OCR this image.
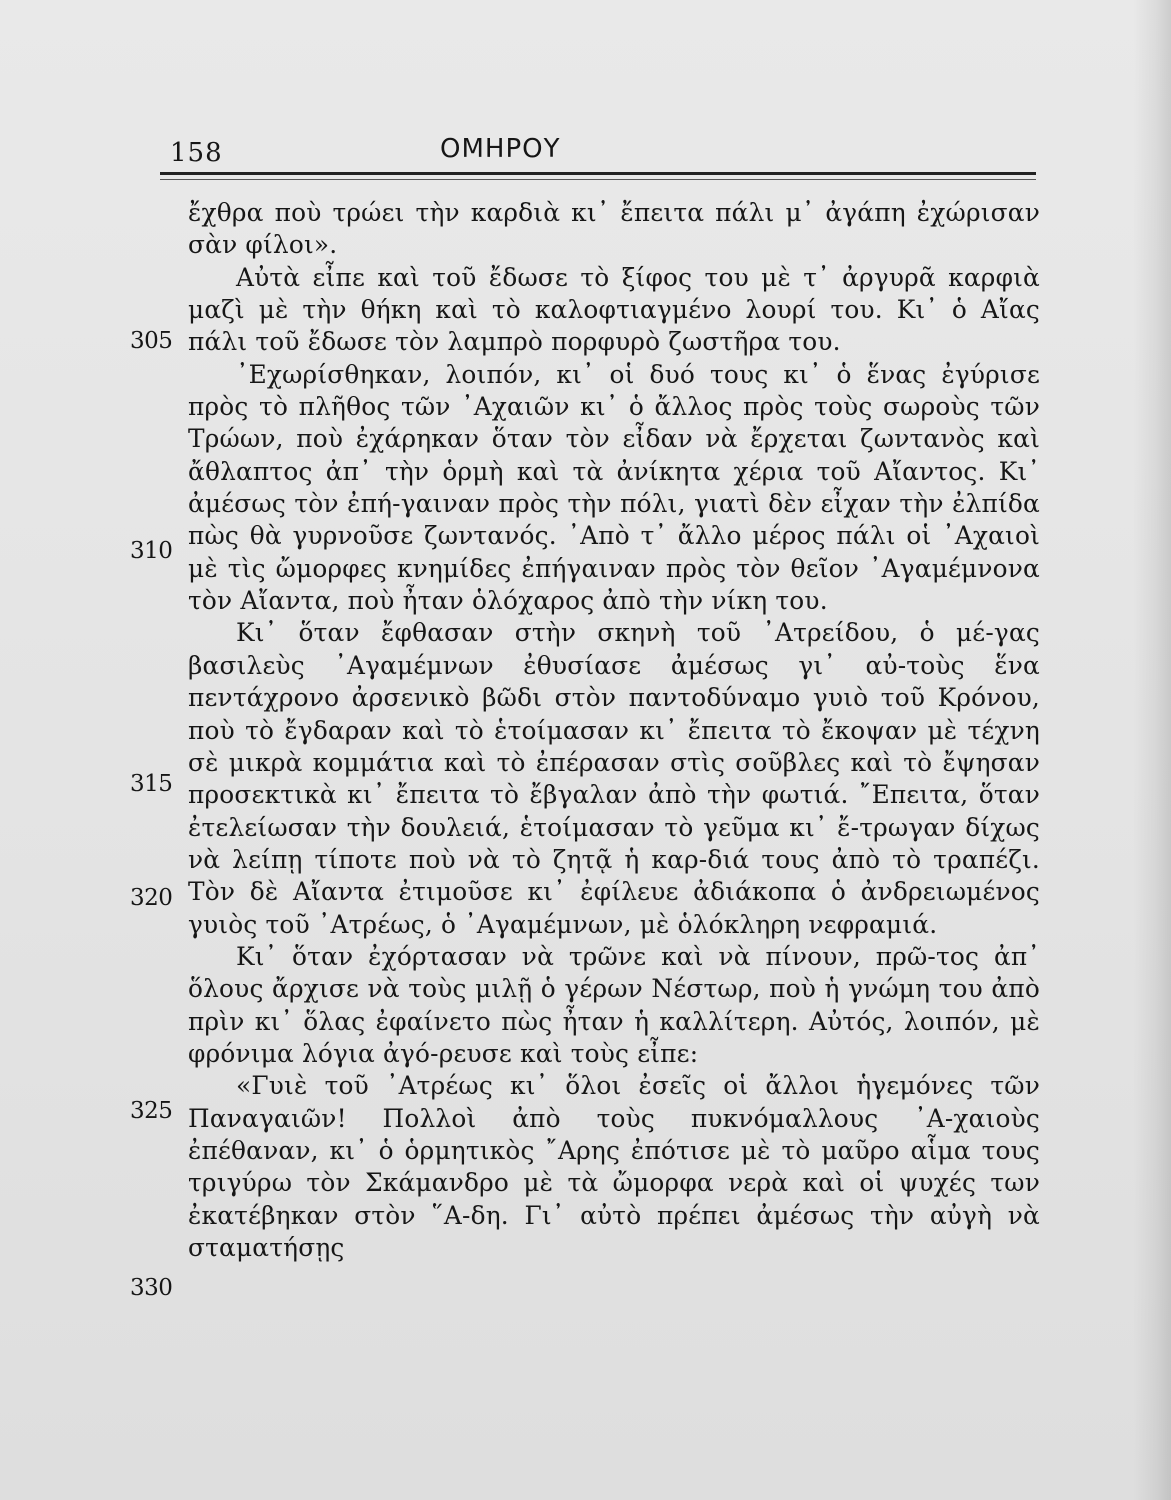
158	ΟΜΗΡΟΥ
305
310
315
320
325
330

ἔχθρα ποὺ τρώει τὴν καρδιὰ κι᾿ ἔπειτα πάλι μ᾿ ἀγάπη ἐχώρισαν σὰν φίλοι».

Αὐτὰ εἶπε καὶ τοῦ ἔδωσε τὸ ξίφος του μὲ τ᾿ ἀργυρᾶ καρφιὰ μαζὶ μὲ τὴν θήκη καὶ τὸ καλοφτιαγμένο λουρί του. Κι᾿ ὁ Αἴας πάλι τοῦ ἔδωσε τὸν λαμπρὸ πορφυρὸ ζωστῆρα του.

᾿Εχωρίσθηκαν, λοιπόν, κι᾿ οἱ δυό τους κι᾿ ὁ ἕνας ἐγύρισε πρὸς τὸ πλῆθος τῶν ᾿Αχαιῶν κι᾿ ὁ ἄλλος πρὸς τοὺς σωροὺς τῶν Τρώων, ποὺ ἐχάρηκαν ὅταν τὸν εἶδαν νὰ ἔρχεται ζωντανὸς καὶ ἄθλαπτος ἀπ᾿ τὴν ὁρμὴ καὶ τὰ ἀνίκητα χέρια τοῦ Αἴαντος. Κι᾿ ἀμέσως τὸν ἐπή-γαιναν πρὸς τὴν πόλι, γιατὶ δὲν εἶχαν τὴν ἐλπίδα πὼς θὰ γυρνοῦσε ζωντανός. ᾿Απὸ τ᾿ ἄλλο μέρος πάλι οἱ ᾿Αχαιοὶ μὲ τὶς ὤμορφες κνημίδες ἐπήγαιναν πρὸς τὸν θεῖον ᾿Αγαμέμνονα τὸν Αἴαντα, ποὺ ἦταν ὁλόχαρος ἀπὸ τὴν νίκη του.

Κι᾿ ὅταν ἔφθασαν στὴν σκηνὴ τοῦ ᾿Ατρείδου, ὁ μέ-γας βασιλεὺς ᾿Αγαμέμνων ἐθυσίασε ἀμέσως γι᾿ αὐ-τοὺς ἕνα πεντάχρονο ἀρσενικὸ βῶδι στὸν παντοδύναμο γυιὸ τοῦ Κρόνου, ποὺ τὸ ἔγδαραν καὶ τὸ ἑτοίμασαν κι᾿ ἔπειτα τὸ ἔκοψαν μὲ τέχνη σὲ μικρὰ κομμάτια καὶ τὸ ἐπέρασαν στὶς σοῦβλες καὶ τὸ ἔψησαν προσεκτικὰ κι᾿ ἔπειτα τὸ ἔβγαλαν ἀπὸ τὴν φωτιά. ῎Επειτα, ὅταν ἐτελείωσαν τὴν δουλειά, ἑτοίμασαν τὸ γεῦμα κι᾿ ἔ-τρωγαν δίχως νὰ λείπῃ τίποτε ποὺ νὰ τὸ ζητᾷ ἡ καρ-διά τους ἀπὸ τὸ τραπέζι. Τὸν δὲ Αἴαντα ἐτιμοῦσε κι᾿ ἐφίλευε ἀδιάκοπα ὁ ἀνδρειωμένος γυιὸς τοῦ ᾿Ατρέως, ὁ ᾿Αγαμέμνων, μὲ ὁλόκληρη νεφραμιά.

Κι᾿ ὅταν ἐχόρτασαν νὰ τρῶνε καὶ νὰ πίνουν, πρῶ-τος ἀπ᾿ ὅλους ἄρχισε νὰ τοὺς μιλῇ ὁ γέρων Νέστωρ, ποὺ ἡ γνώμη του ἀπὸ πρὶν κι᾿ ὅλας ἐφαίνετο πὼς ἦταν ἡ καλλίτερη. Αὐτός, λοιπόν, μὲ φρόνιμα λόγια ἀγό-ρευσε καὶ τοὺς εἶπε:

«Γυιὲ τοῦ ᾿Ατρέως κι᾿ ὅλοι ἐσεῖς οἱ ἄλλοι ἡγεμόνες τῶν Παναγαιῶν! Πολλοὶ ἀπὸ τοὺς πυκνόμαλλους ᾿Α-χαιοὺς ἐπέθαναν, κι᾿ ὁ ὁρμητικὸς ῎Αρης ἐπότισε μὲ τὸ μαῦρο αἷμα τους τριγύρω τὸν Σκάμανδρο μὲ τὰ ὤμορφα νερὰ καὶ οἱ ψυχές των ἐκατέβηκαν στὸν ῞Α-δη. Γι᾿ αὐτὸ πρέπει ἀμέσως τὴν αὐγὴ νὰ σταματήσῃς
